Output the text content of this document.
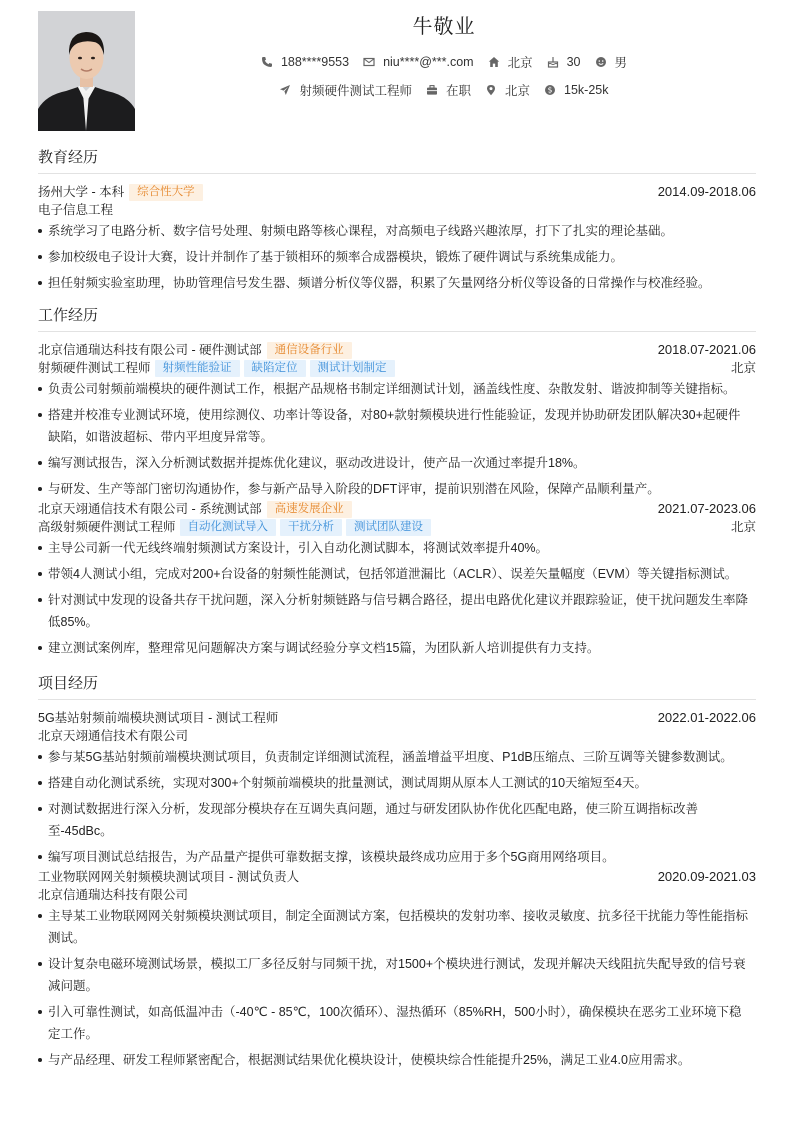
牛敬业
188****9553	niu****@***.com	北京	30	男
射频硬件测试工程师	在职	北京 $ 15k-25k
教育经历
扬州大学 - 本科	综合性大学	2014.09-2018.06
电子信息工程
系统学习了电路分析、数字信号处理、射频电路等核心课程，对高频电子线路兴趣浓厚，打下了扎实的理论基础。
参加校级电子设计大赛，设计并制作了基于锁相环的频率合成器模块，锻炼了硬件调试与系统集成能力。
担任射频实验室助理，协助管理信号发生器、频谱分析仪等仪器，积累了矢量网络分析仪等设备的日常操作与校准经验。
工作经历
北京信通瑞达科技有限公司 - 硬件测试部	通信设备行业	2018.07-2021.06
射频硬件测试工程师	射频性能验证	缺陷定位	测试计划制定	北京
负责公司射频前端模块的硬件测试工作，根据产品规格书制定详细测试计划，涵盖线性度、杂散发射、谐波抑制等关键指标。
搭建并校准专业测试环境，使用综测仪、功率计等设备，对80+款射频模块进行性能验证，发现并协助研发团队解决30+起硬件缺陷，如谐波超标、带内平坦度异常等。
编写测试报告，深入分析测试数据并提炼优化建议，驱动改进设计，使产品一次通过率提升18%。
与研发、生产等部门密切沟通协作，参与新产品导入阶段的DFT评审，提前识别潜在风险，保障产品顺利量产。
北京天翊通信技术有限公司 - 系统测试部	高速发展企业	2021.07-2023.06
高级射频硬件测试工程师	自动化测试导入	干扰分析	测试团队建设	北京
主导公司新一代无线终端射频测试方案设计，引入自动化测试脚本，将测试效率提升40%。
带领4人测试小组，完成对200+台设备的射频性能测试，包括邻道泄漏比（ACLR）、误差矢量幅度（EVM）等关键指标测试。
针对测试中发现的设备共存干扰问题，深入分析射频链路与信号耦合路径，提出电路优化建议并跟踪验证，使干扰问题发生率降低85%。
建立测试案例库，整理常见问题解决方案与调试经验分享文档15篇，为团队新人培训提供有力支持。
项目经历
5G基站射频前端模块测试项目 - 测试工程师	2022.01-2022.06
北京天翊通信技术有限公司
参与某5G基站射频前端模块测试项目，负责制定详细测试流程，涵盖增益平坦度、P1dB压缩点、三阶互调等关键参数测试。
搭建自动化测试系统，实现对300+个射频前端模块的批量测试，测试周期从原本人工测试的10天缩短至4天。
对测试数据进行深入分析，发现部分模块存在互调失真问题，通过与研发团队协作优化匹配电路，使三阶互调指标改善至-45dBc。
编写项目测试总结报告，为产品量产提供可靠数据支撑，该模块最终成功应用于多个5G商用网络项目。
工业物联网网关射频模块测试项目 - 测试负责人	2020.09-2021.03
北京信通瑞达科技有限公司
主导某工业物联网网关射频模块测试项目，制定全面测试方案，包括模块的发射功率、接收灵敏度、抗多径干扰能力等性能指标测试。
设计复杂电磁环境测试场景，模拟工厂多径反射与同频干扰，对1500+个模块进行测试，发现并解决天线阻抗失配导致的信号衰减问题。
引入可靠性测试，如高低温冲击（-40℃ - 85℃，100次循环）、湿热循环（85%RH，500小时），确保模块在恶劣工业环境下稳定工作。
与产品经理、研发工程师紧密配合，根据测试结果优化模块设计，使模块综合性能提升25%，满足工业4.0应用需求。
